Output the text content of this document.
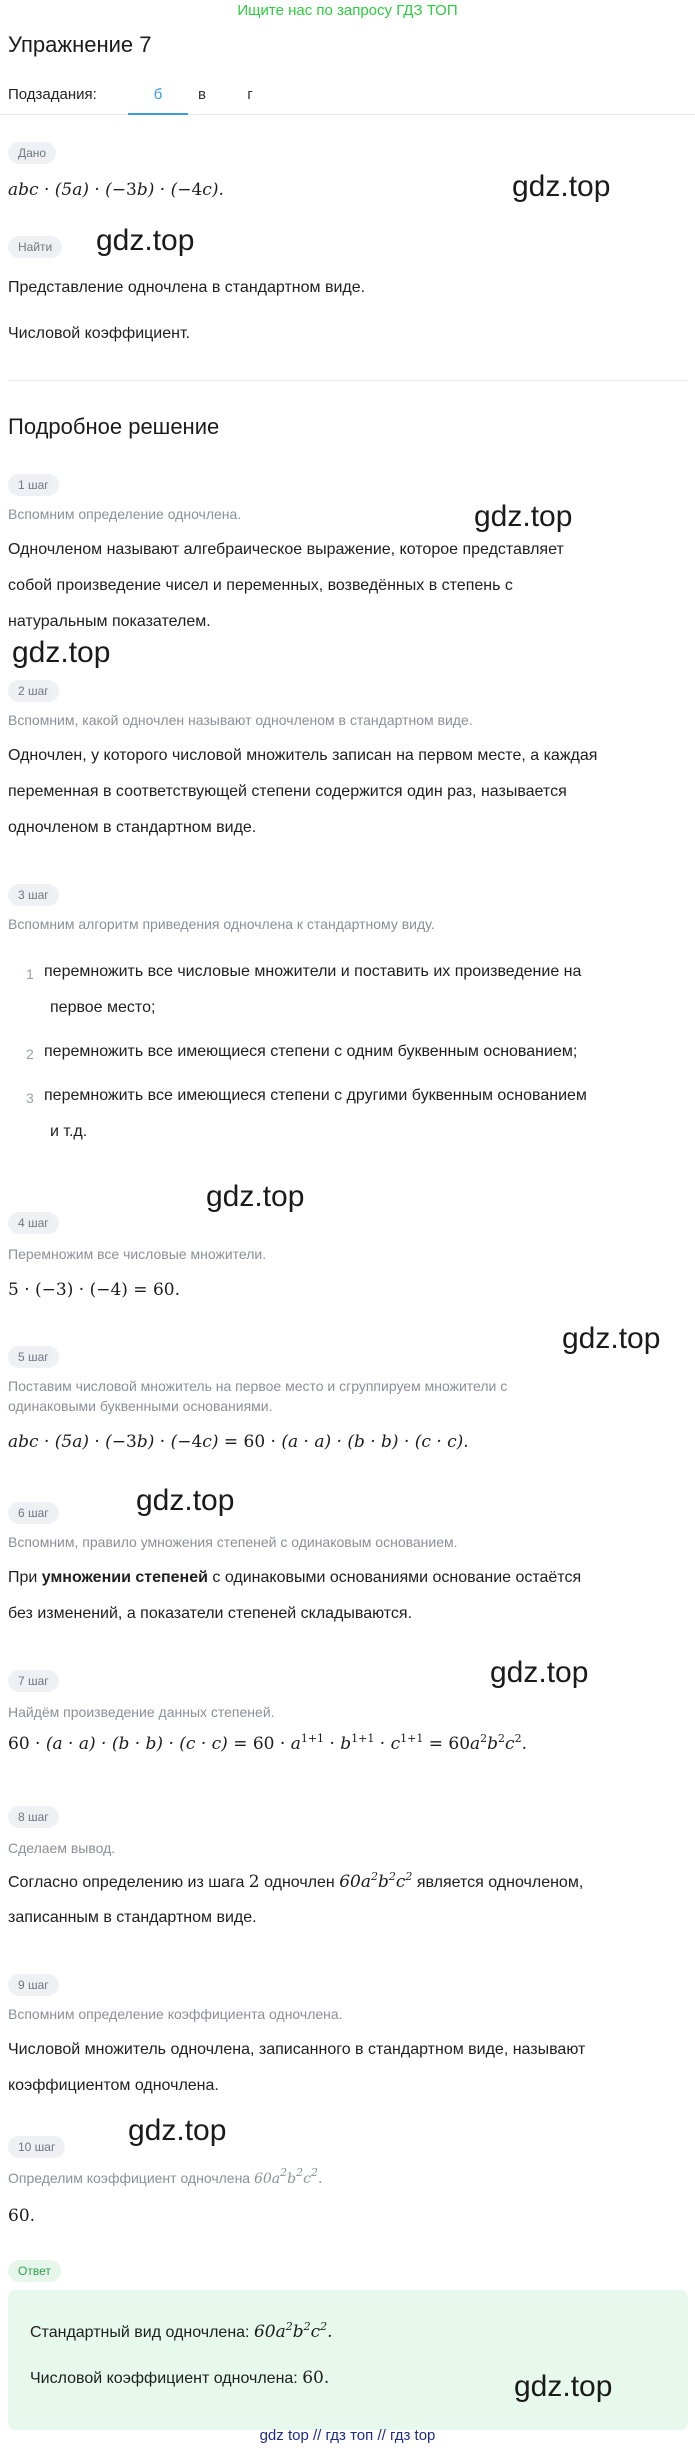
Ищите нас по запросу ГДЗ ТОП
Упражнение 7
Подзадания:	б	в	г
Дано
abc · (5a) · (−3b) · (−4c).
Найти
Представление одночлена в стандартном виде.
Числовой коэффициент.
Подробное решение
1 шаг
Вспомним определение одночлена.
Одночленом называют алгебраическое выражение, которое представляет
собой произведение чисел и переменных, возведённых в степень с
натуральным показателем.
2 шаг
Вспомним, какой одночлен называют одночленом в стандартном виде.
Одночлен, у которого числовой множитель записан на первом месте, а каждая
переменная в соответствующей степени содержится один раз, называется
одночленом в стандартном виде.
3 шаг
Вспомним алгоритм приведения одночлена к стандартному виду.
1 перемножить все числовые множители и поставить их произведение на
первое место;
2 перемножить все имеющиеся степени с одним буквенным основанием;
3 перемножить все имеющиеся степени с другими буквенным основанием
и т.д.
4 шаг
Перемножим все числовые множители.
5 · (−3) · (−4) = 60.
5 шаг
Поставим числовой множитель на первое место и сгруппируем множители с
одинаковыми буквенными основаниями.
abc · (5a) · (−3b) · (−4c) = 60 · (a · a) · (b · b) · (c · c).
6 шаг
Вспомним, правило умножения степеней с одинаковым основанием.
При умножении степеней с одинаковыми основаниями основание остаётся
без изменений, а показатели степеней складываются.
7 шаг
Найдём произведение данных степеней.
$60 \cdot (a \cdot a) \cdot (b \cdot b) \cdot (c \cdot c) = 60 \cdot a^{1+1} \cdot b^{1+1} \cdot c^{1+1} = 60a^2b^2c^2$.
8 шаг
Сделаем вывод.
Согласно определению из шага 2 одночлен $60a^2b^2c^2$ является одночленом,
записанным в стандартном виде.
9 шаг
Вспомним определение коэффициента одночлена.
Числовой множитель одночлена, записанного в стандартном виде, называют
коэффициентом одночлена.
10 шаг
Определим коэффициент одночлена $60a^2b^2c^2$.
60.
Ответ
Стандартный вид одночлена: $60a^2b^2c^2$.
Числовой коэффициент одночлена: 60.
gdz.top
gdz.top
gdz.top
gdz.top
gdz.top
gdz.top
gdz.top
gdz.top
gdz.top
gdz.top
gdz top // гдз топ // гдз top
